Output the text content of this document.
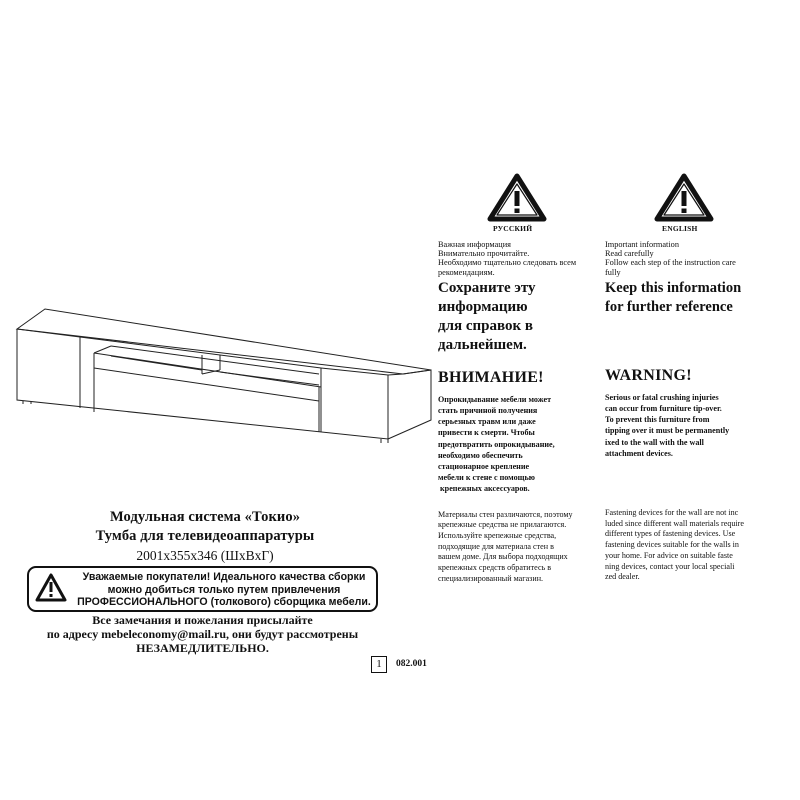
Модульная система «Токио»
Тумба для телевидеоаппаратуры
2001x355x346 (ШxВxГ)
Уважаемые покупатели! Идеального качества сборки
можно добиться только путем привлечения
ПРОФЕССИОНАЛЬНОГО (толкового) сборщика мебели.
Все замечания и пожелания присылайте
по адресу mebeleconomy@mail.ru, они будут рассмотрены
НЕЗАМЕДЛИТЕЛЬНО.
1	082.001
РУССКИЙ
Важная информация
Внимательно прочитайте.
Необходимо тщательно следовать всем
рекомендациям.
Сохраните эту
информацию
для справок в
дальнейшем.
ВНИМАНИЕ!
Опрокидывание мебели может
стать причиной получения
серьезных травм или даже
привести к смерти. Чтобы
предотвратить опрокидывание,
необходимо обеспечить
стационарное крепление
мебели к стене с помощью
крепежных аксессуаров.
Материалы стен различаются, поэтому
крепежные средства не прилагаются.
Используйте крепежные средства,
подходящие для материала стен в
вашем доме. Для выбора подходящих
крепежных средств обратитесь в
специализированный магазин.
ENGLISH
Important information
Read carefully
Follow each step of the instruction care
fully
Keep this information
for further reference
WARNING!
Serious or fatal crushing injuries
can occur from furniture tip-over.
To prevent this furniture from
tipping over it must be permanently
ixed to the wall with the wall
attachment devices.
Fastening devices for the wall are not inc
luded since different wall materials require
different types of fastening devices. Use
fastening devices suitable for the walls in
your home. For advice on suitable faste
ning devices, contact your local speciali
zed dealer.
